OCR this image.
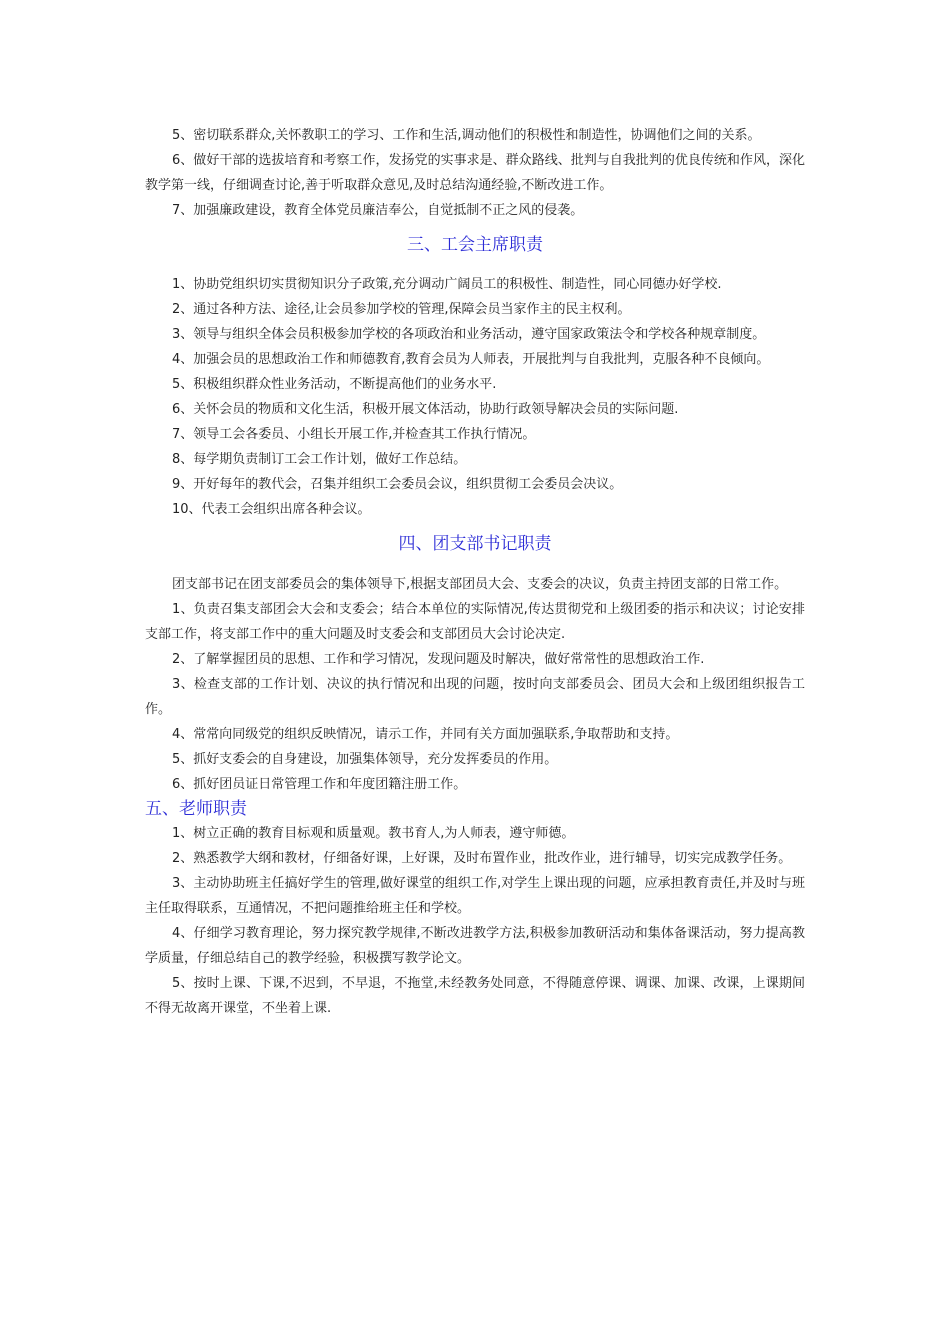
5、密切联系群众,关怀教职工的学习、工作和生活,调动他们的积极性和制造性，协调他们之间的关系。

6、做好干部的选拔培育和考察工作，发扬党的实事求是、群众路线、批判与自我批判的优良传统和作风，深化教学第一线，仔细调查讨论,善于听取群众意见,及时总结沟通经验,不断改进工作。

7、加强廉政建设，教育全体党员廉洁奉公，自觉抵制不正之风的侵袭。

三、工会主席职责

1、协助党组织切实贯彻知识分子政策,充分调动广阔员工的积极性、制造性，同心同德办好学校.

2、通过各种方法、途径,让会员参加学校的管理,保障会员当家作主的民主权利。

3、领导与组织全体会员积极参加学校的各项政治和业务活动，遵守国家政策法令和学校各种规章制度。

4、加强会员的思想政治工作和师德教育,教育会员为人师表，开展批判与自我批判，克服各种不良倾向。

5、积极组织群众性业务活动，不断提高他们的业务水平.

6、关怀会员的物质和文化生活，积极开展文体活动，协助行政领导解决会员的实际问题.

7、领导工会各委员、小组长开展工作,并检查其工作执行情况。

8、每学期负责制订工会工作计划，做好工作总结。

9、开好每年的教代会，召集并组织工会委员会议，组织贯彻工会委员会决议。

10、代表工会组织出席各种会议。

四、团支部书记职责

团支部书记在团支部委员会的集体领导下,根据支部团员大会、支委会的决议，负责主持团支部的日常工作。

1、负责召集支部团会大会和支委会；结合本单位的实际情况,传达贯彻党和上级团委的指示和决议；讨论安排支部工作，将支部工作中的重大问题及时支委会和支部团员大会讨论决定.

2、了解掌握团员的思想、工作和学习情况，发现问题及时解决，做好常常性的思想政治工作.

3、检查支部的工作计划、决议的执行情况和出现的问题，按时向支部委员会、团员大会和上级团组织报告工作。

4、常常向同级党的组织反映情况，请示工作，并同有关方面加强联系,争取帮助和支持。

5、抓好支委会的自身建设，加强集体领导，充分发挥委员的作用。

6、抓好团员证日常管理工作和年度团籍注册工作。

五、老师职责

1、树立正确的教育目标观和质量观。教书育人,为人师表，遵守师德。

2、熟悉教学大纲和教材，仔细备好课，上好课，及时布置作业，批改作业，进行辅导，切实完成教学任务。

3、主动协助班主任搞好学生的管理,做好课堂的组织工作,对学生上课出现的问题，应承担教育责任,并及时与班主任取得联系，互通情况，不把问题推给班主任和学校。

4、仔细学习教育理论，努力探究教学规律,不断改进教学方法,积极参加教研活动和集体备课活动，努力提高教学质量，仔细总结自己的教学经验，积极撰写教学论文。

5、按时上课、下课,不迟到，不早退，不拖堂,未经教务处同意，不得随意停课、调课、加课、改课，上课期间不得无故离开课堂，不坐着上课.
